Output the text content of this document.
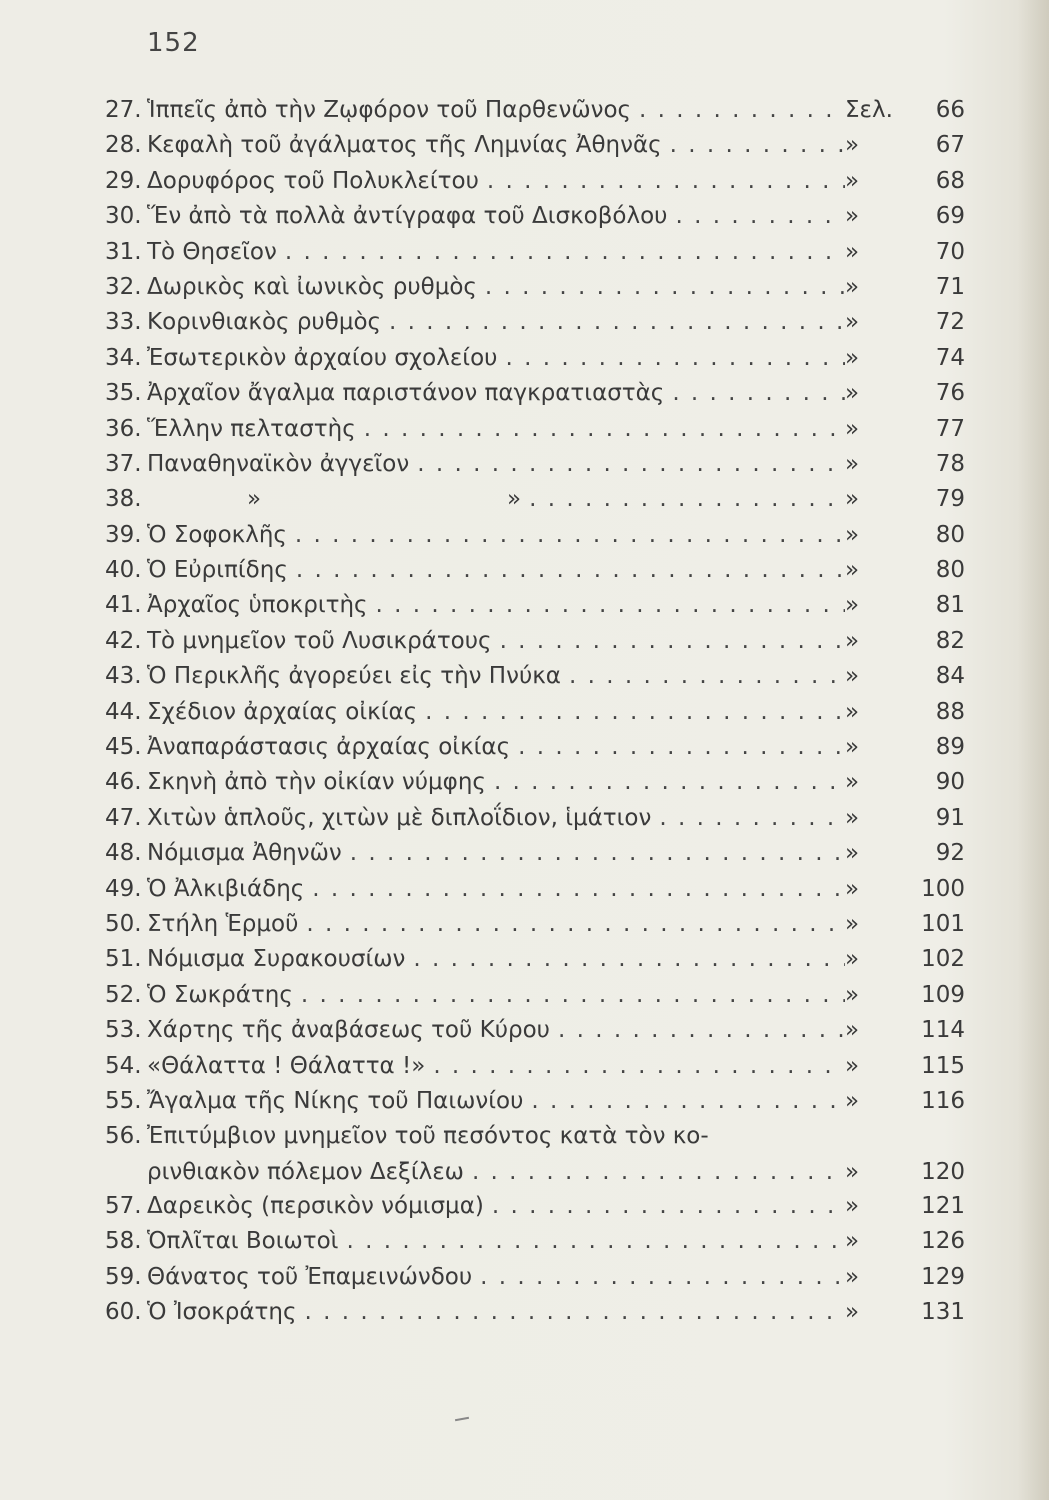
152
27. Ἱππεῖς ἀπὸ τὴν Ζῳφόρον τοῦ Παρθενῶνος . . .	Σελ.	66
28. Κεφαλὴ τοῦ ἀγάλματος τῆς Λημνίας Ἀθηνᾶς . . .	»	67
29. Δορυφόρος τοῦ Πολυκλείτου . . .	»	68
30. Ἕν ἀπὸ τὰ πολλὰ ἀντίγραφα τοῦ Δισκοβόλου . . .	»	69
31. Τὸ Θησεῖον . . .	»	70
32. Δωρικὸς καὶ ἰωνικὸς ρυθμὸς . . .	»	71
33. Κορινθιακὸς ρυθμὸς . . .	»	72
34. Ἐσωτερικὸν ἀρχαίου σχολείου . . .	»	74
35. Ἀρχαῖον ἄγαλμα παριστάνον παγκρατιαστὰς . . .	»	76
36. Ἕλλην πελταστὴς . . .	»	77
37. Παναθηναϊκὸν ἀγγεῖον . . .	»	78
38.	»	» . . .	»	79
39. Ὁ Σοφοκλῆς . . .	»	80
40. Ὁ Εὐριπίδης . . .	»	80
41. Ἀρχαῖος ὑποκριτὴς . . .	»	81
42. Τὸ μνημεῖον τοῦ Λυσικράτους . . .	»	82
43. Ὁ Περικλῆς ἀγορεύει εἰς τὴν Πνύκα . . .	»	84
44. Σχέδιον ἀρχαίας οἰκίας . . .	»	88
45. Ἀναπαράστασις ἀρχαίας οἰκίας . . .	»	89
46. Σκηνὴ ἀπὸ τὴν οἰκίαν νύμφης . . .	»	90
47. Χιτὼν ἁπλοῦς, χιτὼν μὲ διπλοΐδιον, ἱμάτιον . . .	»	91
48. Νόμισμα Ἀθηνῶν . . .	»	92
49. Ὁ Ἀλκιβιάδης . . .	»	100
50. Στήλη Ἑρμοῦ . . .	»	101
51. Νόμισμα Συρακουσίων . . .	»	102
52. Ὁ Σωκράτης . . .	»	109
53. Χάρτης τῆς ἀναβάσεως τοῦ Κύρου . . .	»	114
54. «Θάλαττα ! Θάλαττα !» . . .	»	115
55. Ἄγαλμα τῆς Νίκης τοῦ Παιωνίου . . .	»	116
56. Ἐπιτύμβιον μνημεῖον τοῦ πεσόντος κατὰ τὸν κο-
ρινθιακὸν πόλεμον Δεξίλεω . . .	»	120
57. Δαρεικὸς (περσικὸν νόμισμα) . . .	»	121
58. Ὁπλῖται Βοιωτοὶ . . .	»	126
59. Θάνατος τοῦ Ἐπαμεινώνδου . . .	»	129
60. Ὁ Ἰσοκράτης . . .	»	131
